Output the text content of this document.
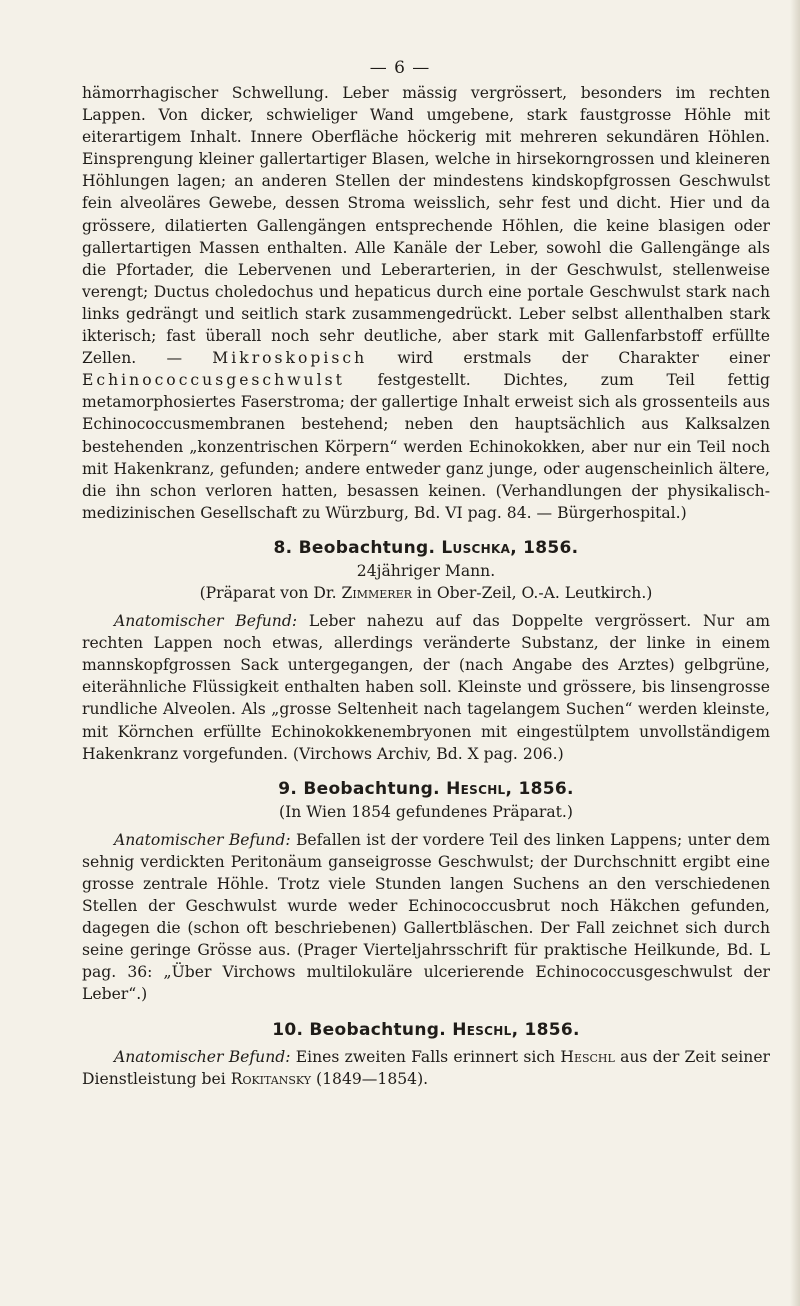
— 6 —

hämorrhagischer Schwellung. Leber mässig vergrössert, besonders im rechten Lappen. Von dicker, schwieliger Wand umgebene, stark faustgrosse Höhle mit eiterartigem Inhalt. Innere Oberfläche höckerig mit mehreren sekundären Höhlen. Einsprengung kleiner gallertartiger Blasen, welche in hirsekorngrossen und kleineren Höhlungen lagen; an anderen Stellen der mindestens kindskopfgrossen Geschwulst fein alveoläres Gewebe, dessen Stroma weisslich, sehr fest und dicht. Hier und da grössere, dilatierten Gallengängen entsprechende Höhlen, die keine blasigen oder gallertartigen Massen enthalten. Alle Kanäle der Leber, sowohl die Gallengänge als die Pfortader, die Lebervenen und Leberarterien, in der Geschwulst, stellenweise verengt; Ductus choledochus und hepaticus durch eine portale Geschwulst stark nach links gedrängt und seitlich stark zusammengedrückt. Leber selbst allenthalben stark ikterisch; fast überall noch sehr deutliche, aber stark mit Gallenfarbstoff erfüllte Zellen. — Mikroskopisch wird erstmals der Charakter einer Echinococcusgeschwulst festgestellt. Dichtes, zum Teil fettig metamorphosiertes Faserstroma; der gallertige Inhalt erweist sich als grossenteils aus Echinococcusmembranen bestehend; neben den hauptsächlich aus Kalksalzen bestehenden „konzentrischen Körpern“ werden Echinokokken, aber nur ein Teil noch mit Hakenkranz, gefunden; andere entweder ganz junge, oder augenscheinlich ältere, die ihn schon verloren hatten, besassen keinen. (Verhandlungen der physikalisch-medizinischen Gesellschaft zu Würzburg, Bd. VI pag. 84. — Bürgerhospital.)

8. Beobachtung. Luschka, 1856.

24jähriger Mann.

(Präparat von Dr. Zimmerer in Ober-Zeil, O.-A. Leutkirch.)

Anatomischer Befund: Leber nahezu auf das Doppelte vergrössert. Nur am rechten Lappen noch etwas, allerdings veränderte Substanz, der linke in einem mannskopfgrossen Sack untergegangen, der (nach Angabe des Arztes) gelbgrüne, eiterähnliche Flüssigkeit enthalten haben soll. Kleinste und grössere, bis linsengrosse rundliche Alveolen. Als „grosse Seltenheit nach tagelangem Suchen“ werden kleinste, mit Körnchen erfüllte Echinokokkenembryonen mit eingestülptem unvollständigem Hakenkranz vorgefunden. (Virchows Archiv, Bd. X pag. 206.)

9. Beobachtung. Heschl, 1856.

(In Wien 1854 gefundenes Präparat.)

Anatomischer Befund: Befallen ist der vordere Teil des linken Lappens; unter dem sehnig verdickten Peritonäum ganseigrosse Geschwulst; der Durchschnitt ergibt eine grosse zentrale Höhle. Trotz viele Stunden langen Suchens an den verschiedenen Stellen der Geschwulst wurde weder Echinococcusbrut noch Häkchen gefunden, dagegen die (schon oft beschriebenen) Gallertbläschen. Der Fall zeichnet sich durch seine geringe Grösse aus. (Prager Vierteljahrsschrift für praktische Heilkunde, Bd. L pag. 36: „Über Virchows multilokuläre ulcerierende Echinococcusgeschwulst der Leber“.)

10. Beobachtung. Heschl, 1856.

Anatomischer Befund: Eines zweiten Falls erinnert sich Heschl aus der Zeit seiner Dienstleistung bei Rokitansky (1849—1854).
